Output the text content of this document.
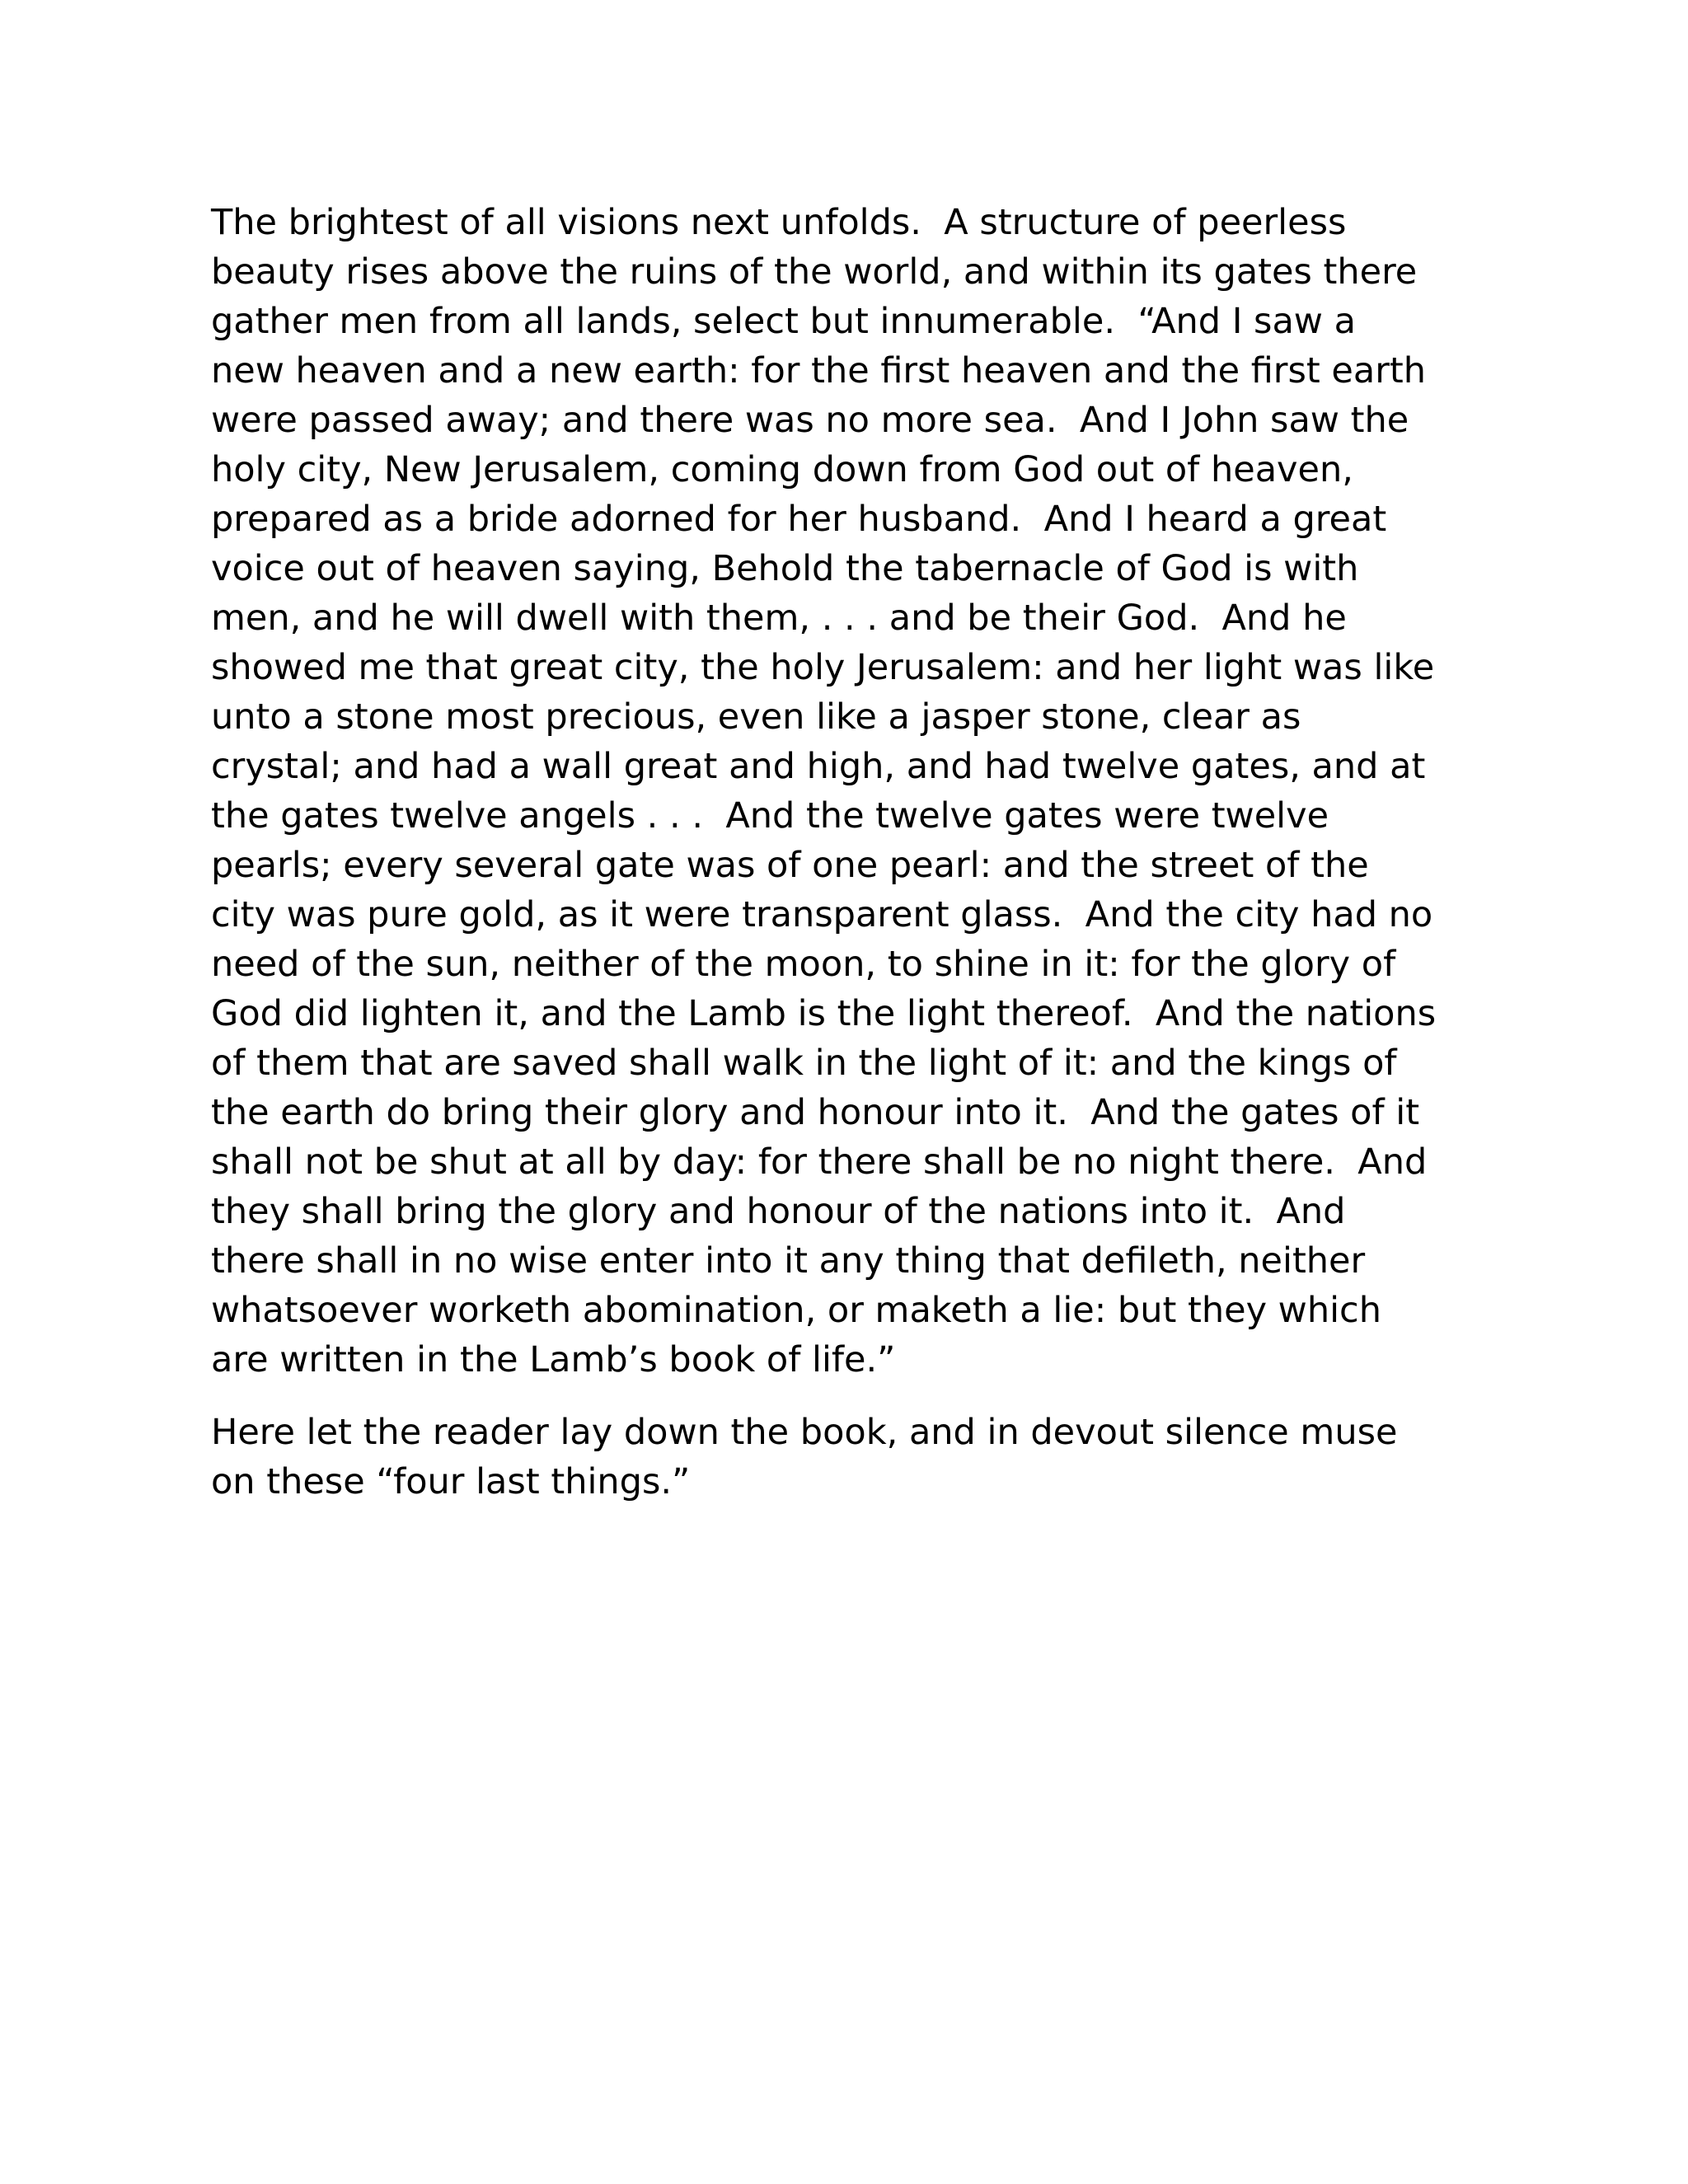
The brightest of all visions next unfolds.  A structure of peerless
beauty rises above the ruins of the world, and within its gates there
gather men from all lands, select but innumerable.  “And I saw a
new heaven and a new earth: for the first heaven and the first earth
were passed away; and there was no more sea.  And I John saw the
holy city, New Jerusalem, coming down from God out of heaven,
prepared as a bride adorned for her husband.  And I heard a great
voice out of heaven saying, Behold the tabernacle of God is with
men, and he will dwell with them, . . . and be their God.  And he
showed me that great city, the holy Jerusalem: and her light was like
unto a stone most precious, even like a jasper stone, clear as
crystal; and had a wall great and high, and had twelve gates, and at
the gates twelve angels . . .  And the twelve gates were twelve
pearls; every several gate was of one pearl: and the street of the
city was pure gold, as it were transparent glass.  And the city had no
need of the sun, neither of the moon, to shine in it: for the glory of
God did lighten it, and the Lamb is the light thereof.  And the nations
of them that are saved shall walk in the light of it: and the kings of
the earth do bring their glory and honour into it.  And the gates of it
shall not be shut at all by day: for there shall be no night there.  And
they shall bring the glory and honour of the nations into it.  And
there shall in no wise enter into it any thing that defileth, neither
whatsoever worketh abomination, or maketh a lie: but they which
are written in the Lamb’s book of life.”

Here let the reader lay down the book, and in devout silence muse
on these “four last things.”
